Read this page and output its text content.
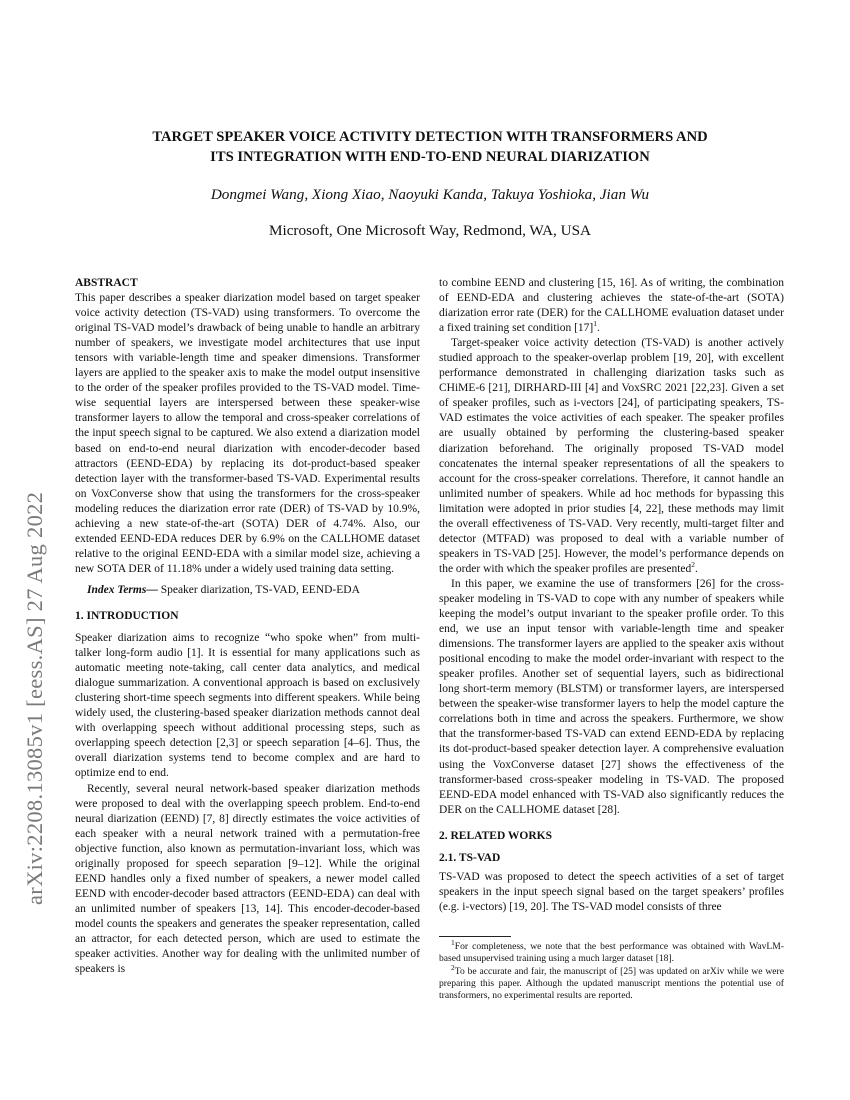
arXiv:2208.13085v1 [eess.AS] 27 Aug 2022
TARGET SPEAKER VOICE ACTIVITY DETECTION WITH TRANSFORMERS AND
ITS INTEGRATION WITH END-TO-END NEURAL DIARIZATION
Dongmei Wang, Xiong Xiao, Naoyuki Kanda, Takuya Yoshioka, Jian Wu
Microsoft, One Microsoft Way, Redmond, WA, USA

ABSTRACT

This paper describes a speaker diarization model based on target speaker voice activity detection (TS-VAD) using transformers. To overcome the original TS-VAD model’s drawback of being unable to handle an arbitrary number of speakers, we investigate model architectures that use input tensors with variable-length time and speaker dimensions. Transformer layers are applied to the speaker axis to make the model output insensitive to the order of the speaker profiles provided to the TS-VAD model. Time-wise sequential layers are interspersed between these speaker-wise transformer layers to allow the temporal and cross-speaker correlations of the input speech signal to be captured. We also extend a diarization model based on end-to-end neural diarization with encoder-decoder based attractors (EEND-EDA) by replacing its dot-product-based speaker detection layer with the transformer-based TS-VAD. Experimental results on VoxConverse show that using the transformers for the cross-speaker modeling reduces the diarization error rate (DER) of TS-VAD by 10.9%, achieving a new state-of-the-art (SOTA) DER of 4.74%. Also, our extended EEND-EDA reduces DER by 6.9% on the CALLHOME dataset relative to the original EEND-EDA with a similar model size, achieving a new SOTA DER of 11.18% under a widely used training data setting.

Index Terms— Speaker diarization, TS-VAD, EEND-EDA

1. INTRODUCTION

Speaker diarization aims to recognize “who spoke when” from multi-talker long-form audio [1]. It is essential for many applications such as automatic meeting note-taking, call center data analytics, and medical dialogue summarization. A conventional approach is based on exclusively clustering short-time speech segments into different speakers. While being widely used, the clustering-based speaker diarization methods cannot deal with overlapping speech without additional processing steps, such as overlapping speech detection [2,3] or speech separation [4–6]. Thus, the overall diarization systems tend to become complex and are hard to optimize end to end.

Recently, several neural network-based speaker diarization methods were proposed to deal with the overlapping speech problem. End-to-end neural diarization (EEND) [7, 8] directly estimates the voice activities of each speaker with a neural network trained with a permutation-free objective function, also known as permutation-invariant loss, which was originally proposed for speech separation [9–12]. While the original EEND handles only a fixed number of speakers, a newer model called EEND with encoder-decoder based attractors (EEND-EDA) can deal with an unlimited number of speakers [13, 14]. This encoder-decoder-based model counts the speakers and generates the speaker representation, called an attractor, for each detected person, which are used to estimate the speaker activities. Another way for dealing with the unlimited number of speakers is

to combine EEND and clustering [15, 16]. As of writing, the combination of EEND-EDA and clustering achieves the state-of-the-art (SOTA) diarization error rate (DER) for the CALLHOME evaluation dataset under a fixed training set condition $[17]^1$.

Target-speaker voice activity detection (TS-VAD) is another actively studied approach to the speaker-overlap problem [19, 20], with excellent performance demonstrated in challenging diarization tasks such as CHiME-6 [21], DIRHARD-III [4] and VoxSRC 2021 [22,23]. Given a set of speaker profiles, such as i-vectors [24], of participating speakers, TS-VAD estimates the voice activities of each speaker. The speaker profiles are usually obtained by performing the clustering-based speaker diarization beforehand. The originally proposed TS-VAD model concatenates the internal speaker representations of all the speakers to account for the cross-speaker correlations. Therefore, it cannot handle an unlimited number of speakers. While ad hoc methods for bypassing this limitation were adopted in prior studies [4, 22], these methods may limit the overall effectiveness of TS-VAD. Very recently, multi-target filter and detector (MTFAD) was proposed to deal with a variable number of speakers in TS-VAD [25]. However, the model’s performance depends on the order with which the speaker profiles are presented$^2$.

In this paper, we examine the use of transformers [26] for the cross-speaker modeling in TS-VAD to cope with any number of speakers while keeping the model’s output invariant to the speaker profile order. To this end, we use an input tensor with variable-length time and speaker dimensions. The transformer layers are applied to the speaker axis without positional encoding to make the model order-invariant with respect to the speaker profiles. Another set of sequential layers, such as bidirectional long short-term memory (BLSTM) or transformer layers, are interspersed between the speaker-wise transformer layers to help the model capture the correlations both in time and across the speakers. Furthermore, we show that the transformer-based TS-VAD can extend EEND-EDA by replacing its dot-product-based speaker detection layer. A comprehensive evaluation using the VoxConverse dataset [27] shows the effectiveness of the transformer-based cross-speaker modeling in TS-VAD. The proposed EEND-EDA model enhanced with TS-VAD also significantly reduces the DER on the CALLHOME dataset [28].

2. RELATED WORKS

2.1. TS-VAD

TS-VAD was proposed to detect the speech activities of a set of target speakers in the input speech signal based on the target speakers’ profiles (e.g. i-vectors) [19, 20]. The TS-VAD model consists of three

$^1$For completeness, we note that the best performance was obtained with WavLM-based unsupervised training using a much larger dataset [18].

$^2$To be accurate and fair, the manuscript of [25] was updated on arXiv while we were preparing this paper. Although the updated manuscript mentions the potential use of transformers, no experimental results are reported.
